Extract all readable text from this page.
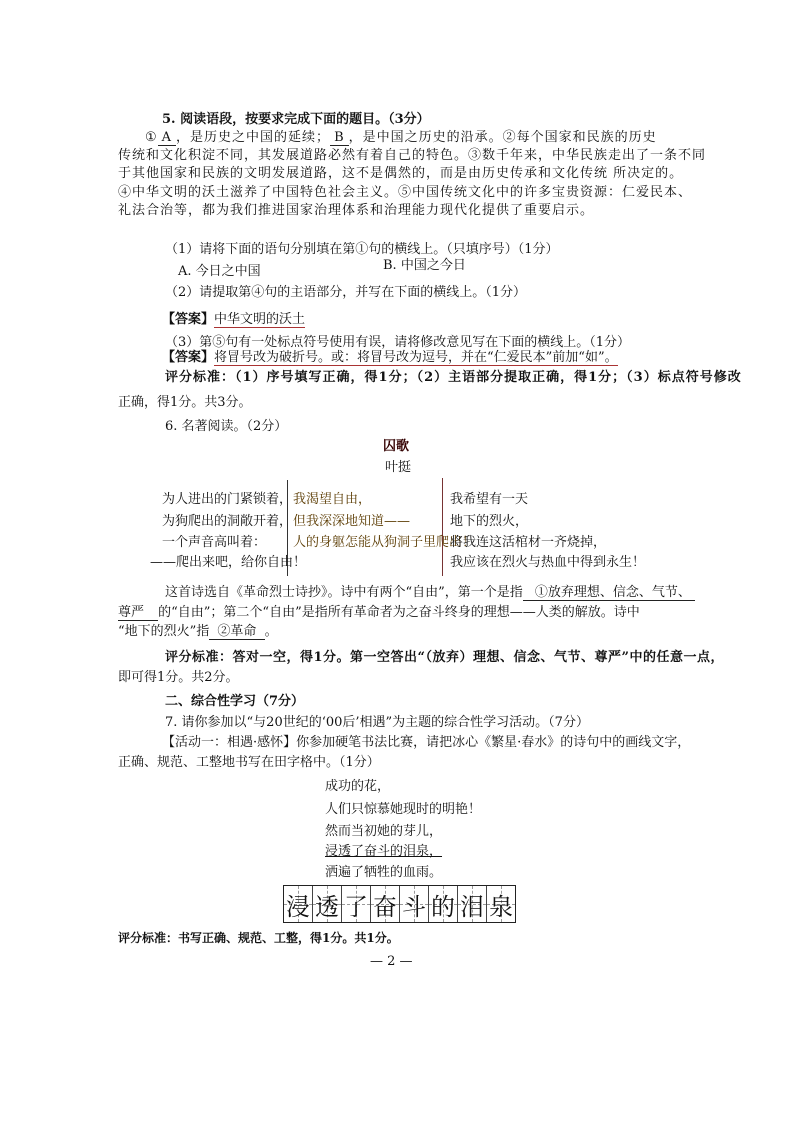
5. 阅读语段，按要求完成下面的题目。（3分）
① A ，是历史之中国的延续； B ，是中国之历史的沿承。②每个国家和民族的历史
传统和文化积淀不同，其发展道路必然有着自己的特色。③数千年来，中华民族走出了一条不同
于其他国家和民族的文明发展道路，这不是偶然的，而是由历史传承和文化传统 所决定的。
④中华文明的沃土滋养了中国特色社会主义。⑤中国传统文化中的许多宝贵资源：仁爱民本、
礼法合治等，都为我们推进国家治理体系和治理能力现代化提供了重要启示。
（1）请将下面的语句分别填在第①句的横线上。（只填序号）（1分）
A. 今日之中国	B. 中国之今日
（2）请提取第④句的主语部分，并写在下面的横线上。（1分）
【答案】中华文明的沃土
（3）第⑤句有一处标点符号使用有误，请将修改意见写在下面的横线上。（1分）
【答案】将冒号改为破折号。或：将冒号改为逗号，并在“仁爱民本”前加“如”。
评分标准：（1）序号填写正确，得1分；（2）主语部分提取正确，得1分；（3）标点符号修改
正确，得1分。共3分。
6. 名著阅读。（2分）
囚歌
叶挺
为人进出的门紧锁着，
为狗爬出的洞敞开着，
一个声音高叫着：
——爬出来吧，给你自由！
我渴望自由，
但我深深地知道——
人的身躯怎能从狗洞子里爬出！
我希望有一天
地下的烈火，
将我连这活棺材一齐烧掉，
我应该在烈火与热血中得到永生！
这首诗选自《革命烈士诗抄》。诗中有两个“自由”，第一个是指 ①放弃理想、信念、气节、
尊严 的“自由”；第二个“自由”是指所有革命者为之奋斗终身的理想——人类的解放。诗中
“地下的烈火”指 ②革命 。
评分标准：答对一空，得1分。第一空答出“（放弃）理想、信念、气节、尊严”中的任意一点，
即可得1分。共2分。
二、综合性学习（7分）
7. 请你参加以“与20世纪的‘00后’相遇”为主题的综合性学习活动。（7分）
【活动一：相遇·感怀】你参加硬笔书法比赛，请把冰心《繁星·春水》的诗句中的画线文字，
正确、规范、工整地书写在田字格中。（1分）
成功的花，
人们只惊慕她现时的明艳！
然而当初她的芽儿，
浸透了奋斗的泪泉，
洒遍了牺牲的血雨。
浸 透 了 奋 斗 的 泪 泉
评分标准：书写正确、规范、工整，得1分。共1分。
— 2 —
